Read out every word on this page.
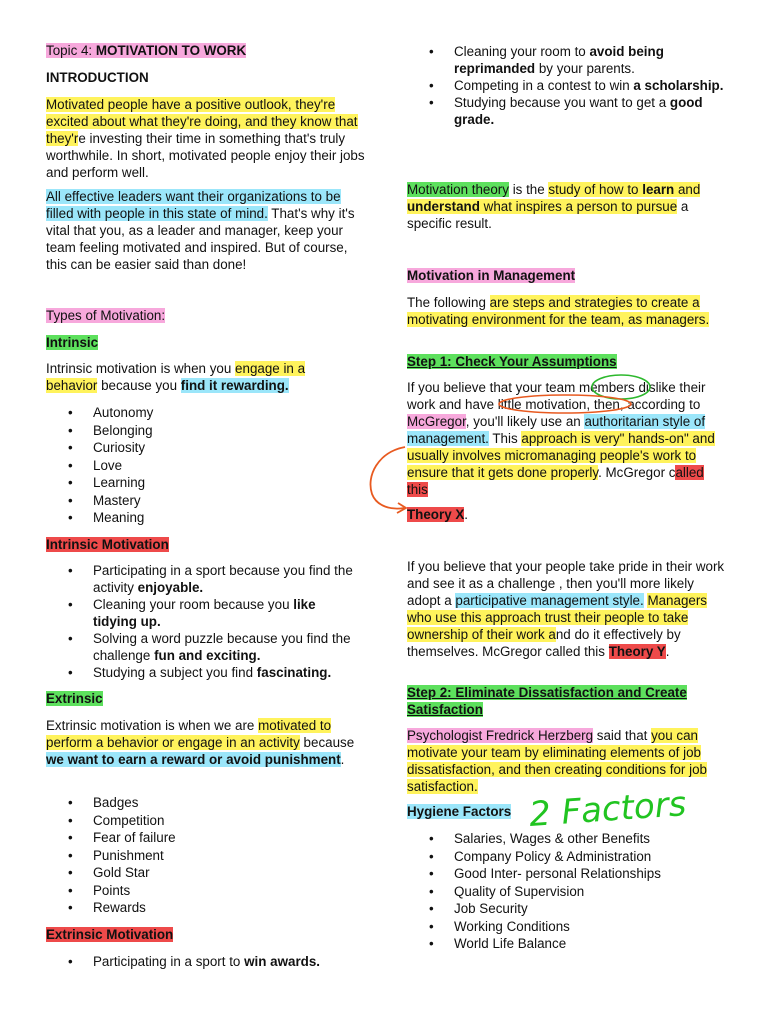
Topic 4: MOTIVATION TO WORK
INTRODUCTION
Motivated people have a positive outlook, they're excited about what they're doing, and they know that they're investing their time in something that's truly worthwhile. In short, motivated people enjoy their jobs and perform well.
All effective leaders want their organizations to be filled with people in this state of mind. That's why it's vital that you, as a leader and manager, keep your team feeling motivated and inspired. But of course, this can be easier said than done!
Types of Motivation:
Intrinsic
Intrinsic motivation is when you engage in a behavior because you find it rewarding.
• Autonomy
• Belonging
• Curiosity
• Love
• Learning
• Mastery
• Meaning
Intrinsic Motivation
• Participating in a sport because you find the activity enjoyable.
• Cleaning your room because you like tidying up.
• Solving a word puzzle because you find the challenge fun and exciting.
• Studying a subject you find fascinating.
Extrinsic
Extrinsic motivation is when we are motivated to perform a behavior or engage in an activity because we want to earn a reward or avoid punishment.
• Badges
• Competition
• Fear of failure
• Punishment
• Gold Star
• Points
• Rewards
Extrinsic Motivation
• Participating in a sport to win awards.
• Cleaning your room to avoid being reprimanded by your parents.
• Competing in a contest to win a scholarship.
• Studying because you want to get a good grade.
Motivation theory is the study of how to learn and understand what inspires a person to pursue a specific result.
Motivation in Management
The following are steps and strategies to create a motivating environment for the team, as managers.
Step 1: Check Your Assumptions
If you believe that your team members dislike their work and have little motivation, then, according to McGregor, you'll likely use an authoritarian style of management. This approach is very" hands-on" and usually involves micromanaging people's work to ensure that it gets done properly. McGregor called this
Theory X.
If you believe that your people take pride in their work and see it as a challenge , then you'll more likely adopt a participative management style. Managers who use this approach trust their people to take ownership of their work and do it effectively by themselves. McGregor called this Theory Y.
Step 2: Eliminate Dissatisfaction and Create Satisfaction
Psychologist Fredrick Herzberg said that you can motivate your team by eliminating elements of job dissatisfaction, and then creating conditions for job satisfaction.
Hygiene Factors
• Salaries, Wages & other Benefits
• Company Policy & Administration
• Good Inter- personal Relationships
• Quality of Supervision
• Job Security
• Working Conditions
• World Life Balance
2 Factors
